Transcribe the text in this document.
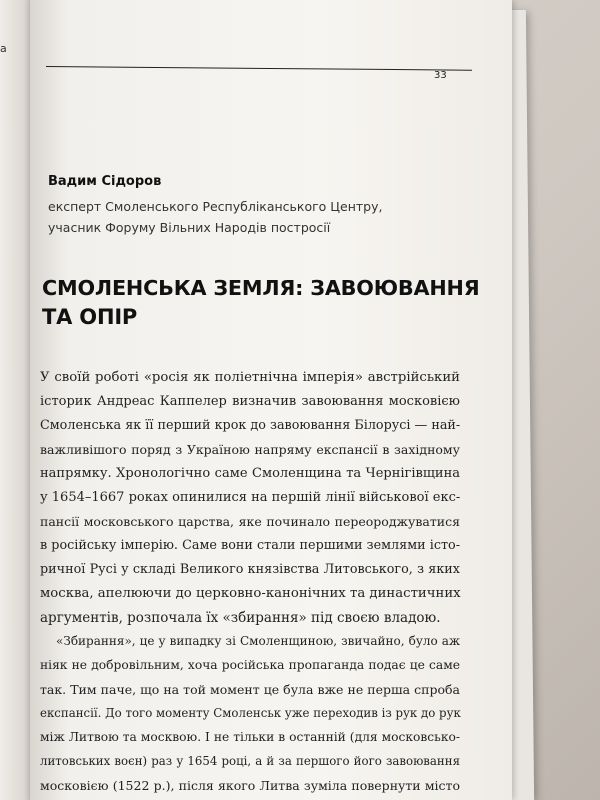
а
33
Вадим Сідоров
експерт Смоленського Республіканського Центру,
учасник Форуму Вільних Народів постросії
СМОЛЕНСЬКА ЗЕМЛЯ: ЗАВОЮВАННЯ
ТА ОПІР
У своїй роботі «росія як поліетнічна імперія» австрійський
історик Андреас Каппелер визначив завоювання московією
Смоленська як її перший крок до завоювання Білорусі — най-
важливішого поряд з Україною напряму експансії в західному
напрямку. Хронологічно саме Смоленщина та Чернігівщина
у 1654–1667 роках опинилися на першій лінії військової екс-
пансії московського царства, яке починало переороджуватися
в російську імперію. Саме вони стали першими землями істо-
ричної Русі у складі Великого князівства Литовського, з яких
москва, апелюючи до церковно-канонічних та династичних
аргументів, розпочала їх «збирання» під своєю владою.
«Збирання», це у випадку зі Смоленщиною, звичайно, було аж
ніяк не добровільним, хоча російська пропаганда подає це саме
так. Тим паче, що на той момент це була вже не перша спроба
експансії. До того моменту Смоленськ уже переходив із рук до рук
між Литвою та москвою. І не тільки в останній (для московсько-
литовських воєн) раз у 1654 році, а й за першого його завоювання
московією (1522 р.), після якого Литва зуміла повернути місто
